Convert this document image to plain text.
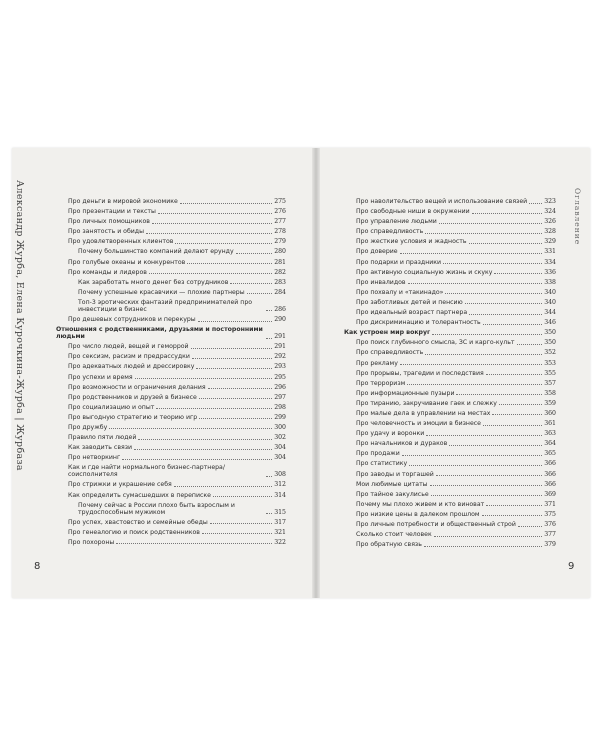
Александр Журба, Елена Курочкина-Журба | Журбаза	Оглавление
8	9
Про деньги в мировой экономике	275
Про презентации и тексты	276
Про личных помощников	277
Про занятость и обиды	278
Про удовлетворенных клиентов	279
Почему большинство компаний делают ерунду	280
Про голубые океаны и конкурентов	281
Про команды и лидеров	282
Как заработать много денег без сотрудников	283
Почему успешные красавчики — плохие партнеры	284
Топ-3 эротических фантазий предпринимателей про инвестиции в бизнес	286
Про дешевых сотрудников и перекуры	290
Отношения с родственниками, друзьями и посторонними людьми	291
Про число людей, вещей и геморрой	291
Про сексизм, расизм и предрассудки	292
Про адекватных людей и дрессировку	293
Про успехи и время	295
Про возможности и ограничения делания	296
Про родственников и друзей в бизнесе	297
Про социализацию и опыт	298
Про выгодную стратегию и теорию игр	299
Про дружбу	300
Правило пяти людей	302
Как заводить связи	304
Про нетворкинг	304
Как и где найти нормального бизнес-партнера/соисполнителя	308
Про стрижки и украшение себя	312
Как определить сумасшедших в переписке	314
Почему сейчас в России плохо быть взрослым и трудоспособным мужиком	315
Про успех, хвастовство и семейные обеды	317
Про генеалогию и поиск родственников	321
Про похороны	322
Про наволительство вещей и использование связей	323
Про свободные ниши в окружении	324
Про управление людьми	326
Про справедливость	328
Про жесткие условия и жадность	329
Про доверие	331
Про подарки и праздники	334
Про активную социальную жизнь и скуку	336
Про инвалидов	338
Про похвалу и «такинадо»	340
Про заботливых детей и пенсию	340
Про идеальный возраст партнера	344
Про дискриминацию и толерантность	346
Как устроен мир вокруг	350
Про поиск глубинного смысла, ЗС и карго-культ	350
Про справедливость	352
Про рекламу	353
Про прорывы, трагедии и последствия	355
Про терроризм	357
Про информационные пузыри	358
Про тиранию, закручивание гаек и слежку	359
Про малые дела в управлении на местах	360
Про человечность и эмоции в бизнесе	361
Про удачу и воронки	363
Про начальников и дураков	364
Про продажи	365
Про статистику	366
Про заводы и торгашей	366
Мои любимые цитаты	366
Про тайное закулисье	369
Почему мы плохо живем и кто виноват	371
Про низкие цены в далеком прошлом	375
Про личные потребности и общественный строй	376
Сколько стоит человек	377
Про обратную связь	379
